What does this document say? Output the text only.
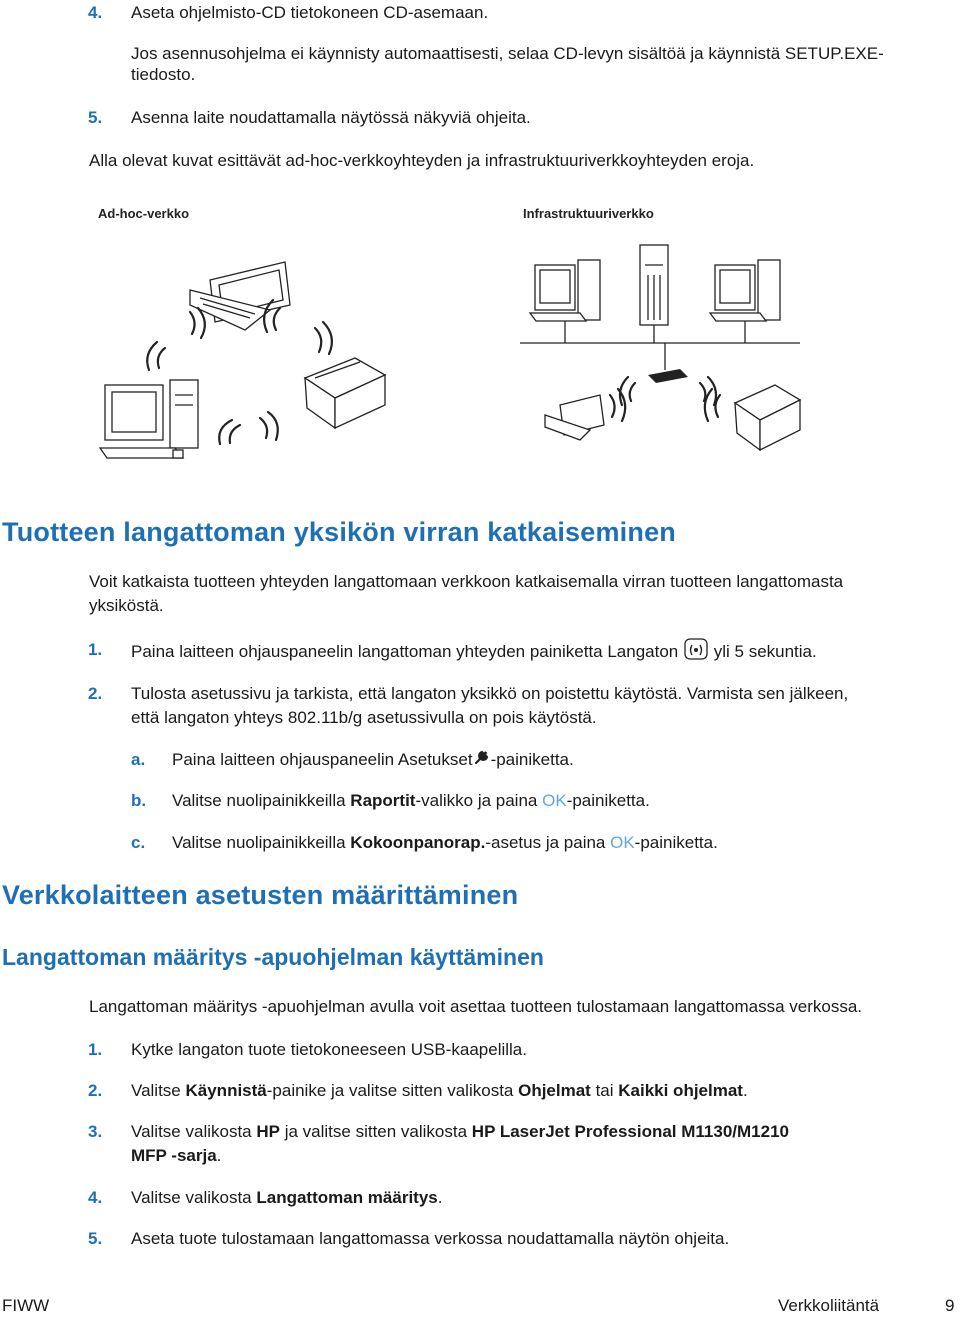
4. Aseta ohjelmisto-CD tietokoneen CD-asemaan.
Jos asennusohjelma ei käynnisty automaattisesti, selaa CD-levyn sisältöä ja käynnistä SETUP.EXE-
tiedosto.
5. Asenna laite noudattamalla näytössä näkyviä ohjeita.
Alla olevat kuvat esittävät ad-hoc-verkkoyhteyden ja infrastruktuuriverkkoyhteyden eroja.
Ad-hoc-verkko	Infrastruktuuriverkko
Tuotteen langattoman yksikön virran katkaiseminen
Voit katkaista tuotteen yhteyden langattomaan verkkoon katkaisemalla virran tuotteen langattomasta
yksiköstä.
1. Paina laitteen ohjauspaneelin langattoman yhteyden painiketta Langaton yli 5 sekuntia.
2. Tulosta asetussivu ja tarkista, että langaton yksikkö on poistettu käytöstä. Varmista sen jälkeen,
että langaton yhteys 802.11b/g asetussivulla on pois käytöstä.
a. Paina laitteen ohjauspaneelin Asetukset -painiketta.
b. Valitse nuolipainikkeilla Raportit-valikko ja paina OK-painiketta.
c. Valitse nuolipainikkeilla Kokoonpanorap.-asetus ja paina OK-painiketta.
Verkkolaitteen asetusten määrittäminen
Langattoman määritys -apuohjelman käyttäminen
Langattoman määritys -apuohjelman avulla voit asettaa tuotteen tulostamaan langattomassa verkossa.
1. Kytke langaton tuote tietokoneeseen USB-kaapelilla.
2. Valitse Käynnistä-painike ja valitse sitten valikosta Ohjelmat tai Kaikki ohjelmat.
3. Valitse valikosta HP ja valitse sitten valikosta HP LaserJet Professional M1130/M1210
MFP -sarja.
4. Valitse valikosta Langattoman määritys.
5. Aseta tuote tulostamaan langattomassa verkossa noudattamalla näytön ohjeita.
FIWW	Verkkoliitäntä	9
